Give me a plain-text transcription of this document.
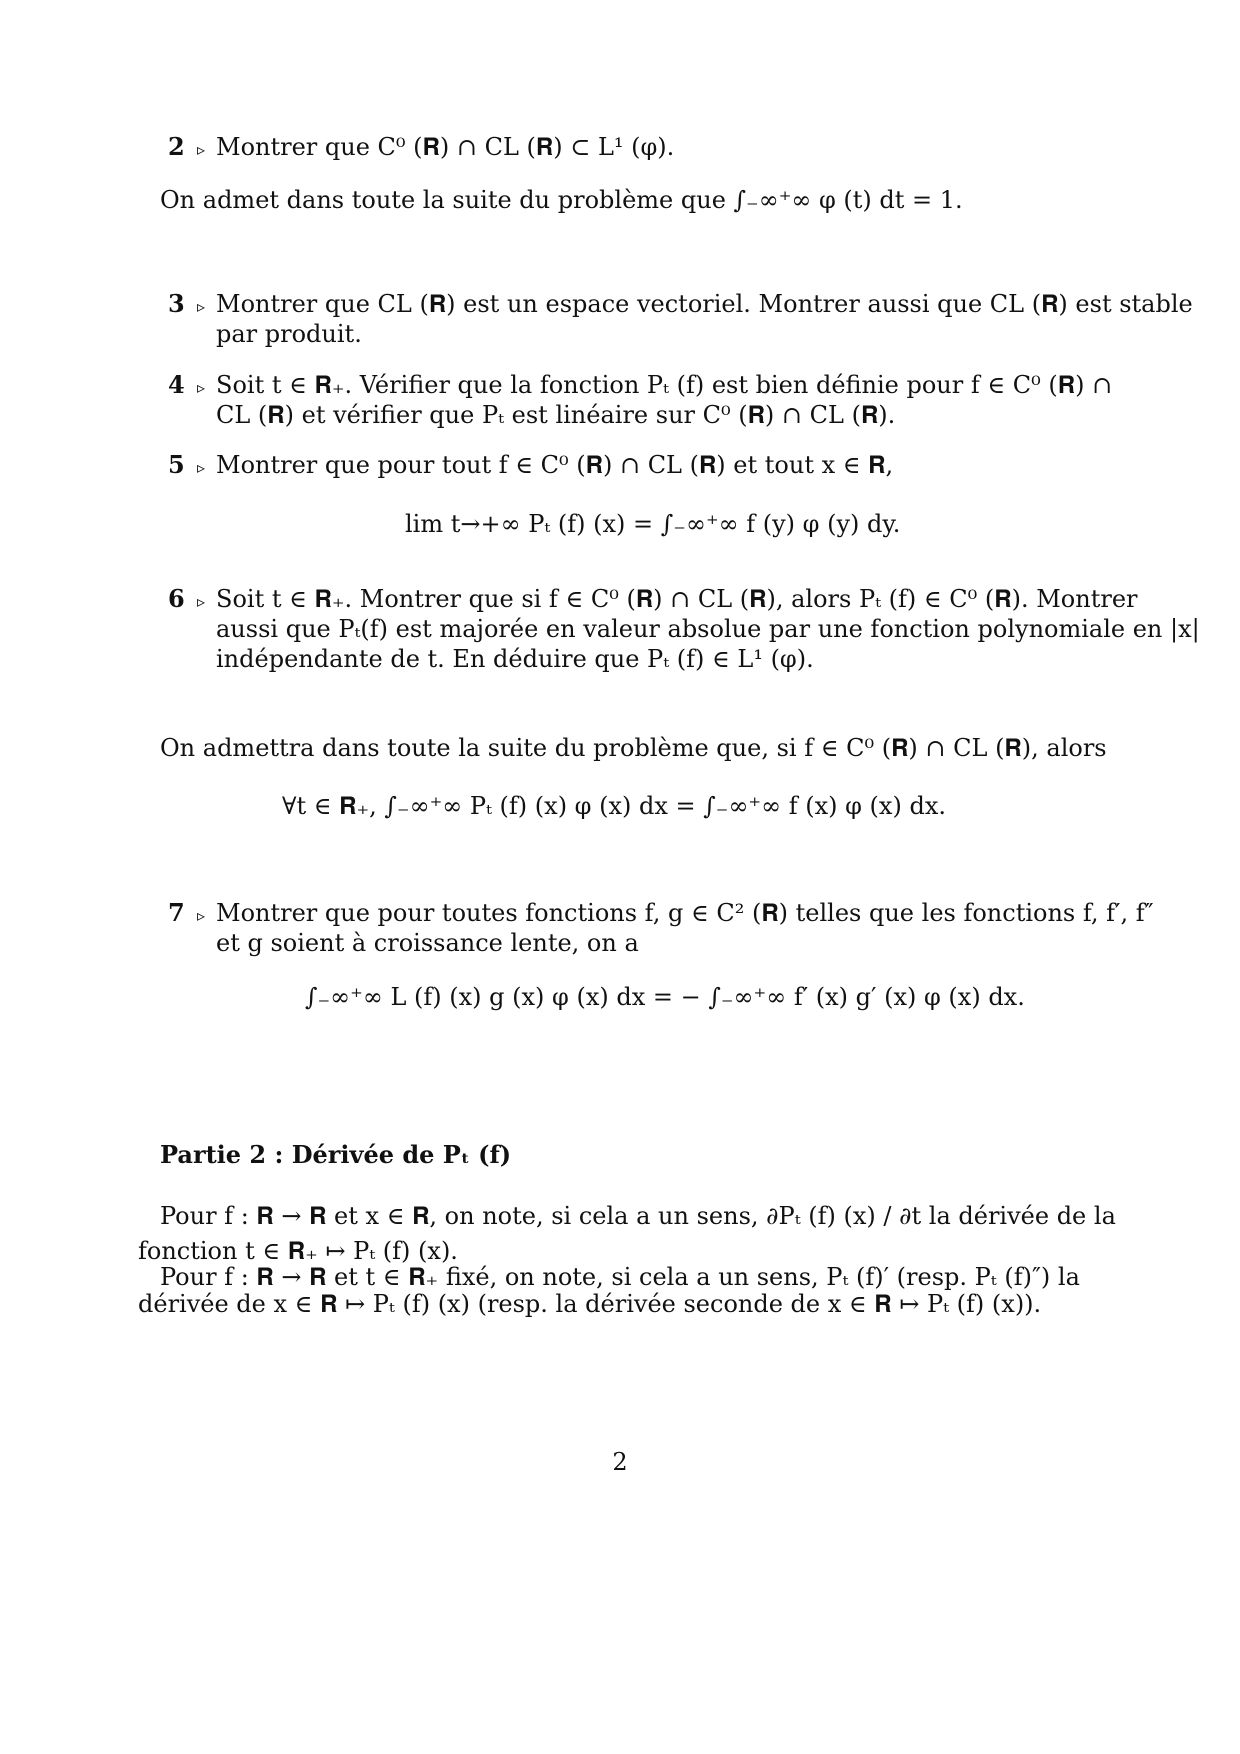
2 ▹ Montrer que C⁰ (𝐑) ∩ CL (𝐑) ⊂ L¹ (φ).
On admet dans toute la suite du problème que ∫₋∞⁺∞ φ (t) dt = 1.
3 ▹ Montrer que CL (𝐑) est un espace vectoriel. Montrer aussi que CL (𝐑) est stable
par produit.
4 ▹ Soit t ∈ 𝐑₊. Vérifier que la fonction Pₜ (f) est bien définie pour f ∈ C⁰ (𝐑) ∩
CL (𝐑) et vérifier que Pₜ est linéaire sur C⁰ (𝐑) ∩ CL (𝐑).
5 ▹ Montrer que pour tout f ∈ C⁰ (𝐑) ∩ CL (𝐑) et tout x ∈ 𝐑,
lim t→+∞ Pₜ (f) (x) = ∫₋∞⁺∞ f (y) φ (y) dy.
6 ▹ Soit t ∈ 𝐑₊. Montrer que si f ∈ C⁰ (𝐑) ∩ CL (𝐑), alors Pₜ (f) ∈ C⁰ (𝐑). Montrer
aussi que Pₜ(f) est majorée en valeur absolue par une fonction polynomiale en |x|
indépendante de t. En déduire que Pₜ (f) ∈ L¹ (φ).
On admettra dans toute la suite du problème que, si f ∈ C⁰ (𝐑) ∩ CL (𝐑), alors
∀t ∈ 𝐑₊, ∫₋∞⁺∞ Pₜ (f) (x) φ (x) dx = ∫₋∞⁺∞ f (x) φ (x) dx.
7 ▹ Montrer que pour toutes fonctions f, g ∈ C² (𝐑) telles que les fonctions f, f′, f″
et g soient à croissance lente, on a
∫₋∞⁺∞ L (f) (x) g (x) φ (x) dx = − ∫₋∞⁺∞ f′ (x) g′ (x) φ (x) dx.
Partie 2 : Dérivée de Pₜ (f)
Pour f : 𝐑 → 𝐑 et x ∈ 𝐑, on note, si cela a un sens, ∂Pₜ (f) (x) / ∂t la dérivée de la
fonction t ∈ 𝐑₊ ↦ Pₜ (f) (x).
Pour f : 𝐑 → 𝐑 et t ∈ 𝐑₊ fixé, on note, si cela a un sens, Pₜ (f)′ (resp. Pₜ (f)″) la
dérivée de x ∈ 𝐑 ↦ Pₜ (f) (x) (resp. la dérivée seconde de x ∈ 𝐑 ↦ Pₜ (f) (x)).
2
